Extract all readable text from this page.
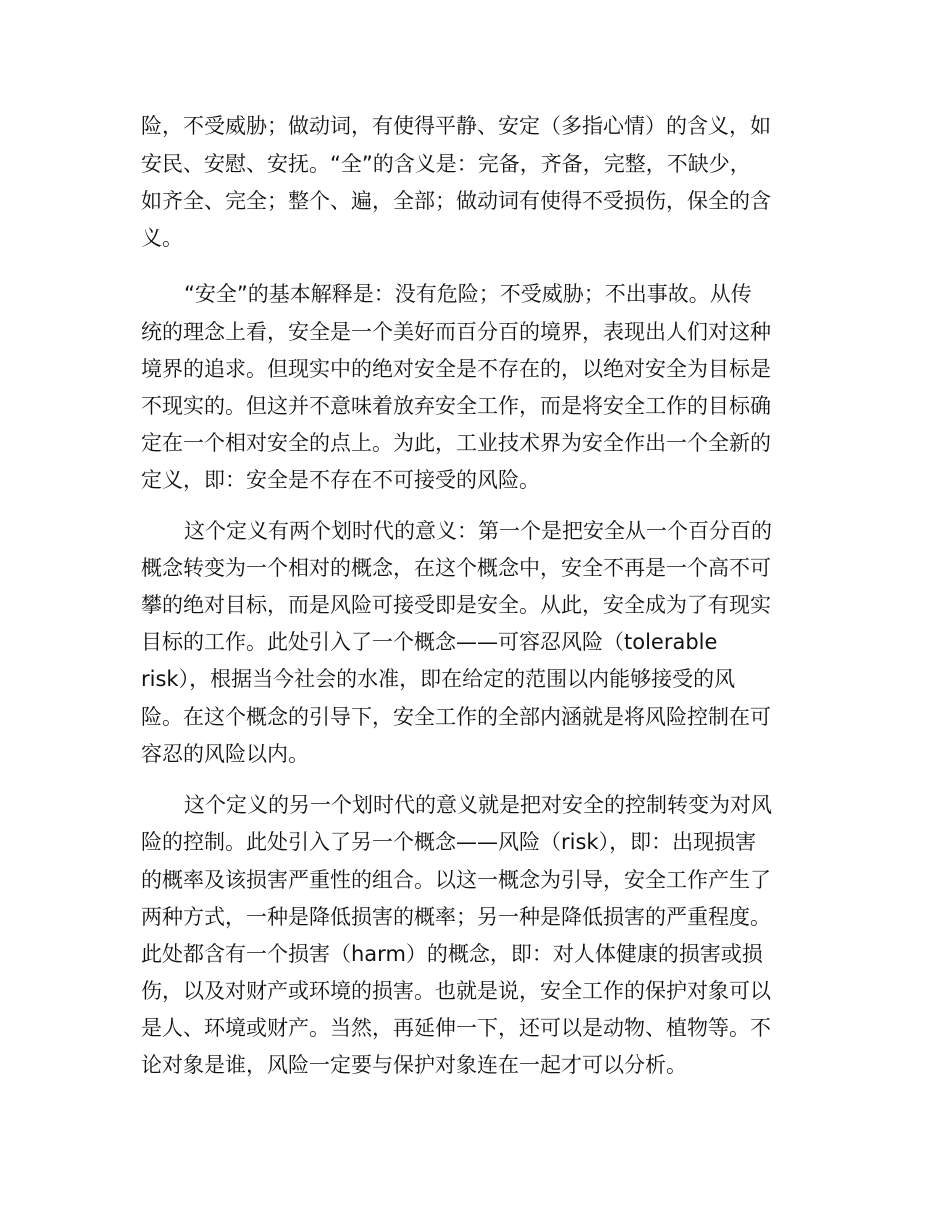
险，不受威胁；做动词，有使得平静、安定（多指心情）的含义，如

安民、安慰、安抚。“全”的含义是：完备，齐备，完整，不缺少，

如齐全、完全；整个、遍，全部；做动词有使得不受损伤，保全的含

义。

“安全”的基本解释是：没有危险；不受威胁；不出事故。从传

统的理念上看，安全是一个美好而百分百的境界，表现出人们对这种

境界的追求。但现实中的绝对安全是不存在的，以绝对安全为目标是

不现实的。但这并不意味着放弃安全工作，而是将安全工作的目标确

定在一个相对安全的点上。为此，工业技术界为安全作出一个全新的

定义，即：安全是不存在不可接受的风险。

这个定义有两个划时代的意义：第一个是把安全从一个百分百的

概念转变为一个相对的概念，在这个概念中，安全不再是一个高不可

攀的绝对目标，而是风险可接受即是安全。从此，安全成为了有现实

目标的工作。此处引入了一个概念——可容忍风险（tolerable

risk），根据当今社会的水准，即在给定的范围以内能够接受的风

险。在这个概念的引导下，安全工作的全部内涵就是将风险控制在可

容忍的风险以内。

这个定义的另一个划时代的意义就是把对安全的控制转变为对风

险的控制。此处引入了另一个概念——风险（risk），即：出现损害

的概率及该损害严重性的组合。以这一概念为引导，安全工作产生了

两种方式，一种是降低损害的概率；另一种是降低损害的严重程度。

此处都含有一个损害（harm）的概念，即：对人体健康的损害或损

伤，以及对财产或环境的损害。也就是说，安全工作的保护对象可以

是人、环境或财产。当然，再延伸一下，还可以是动物、植物等。不

论对象是谁，风险一定要与保护对象连在一起才可以分析。
